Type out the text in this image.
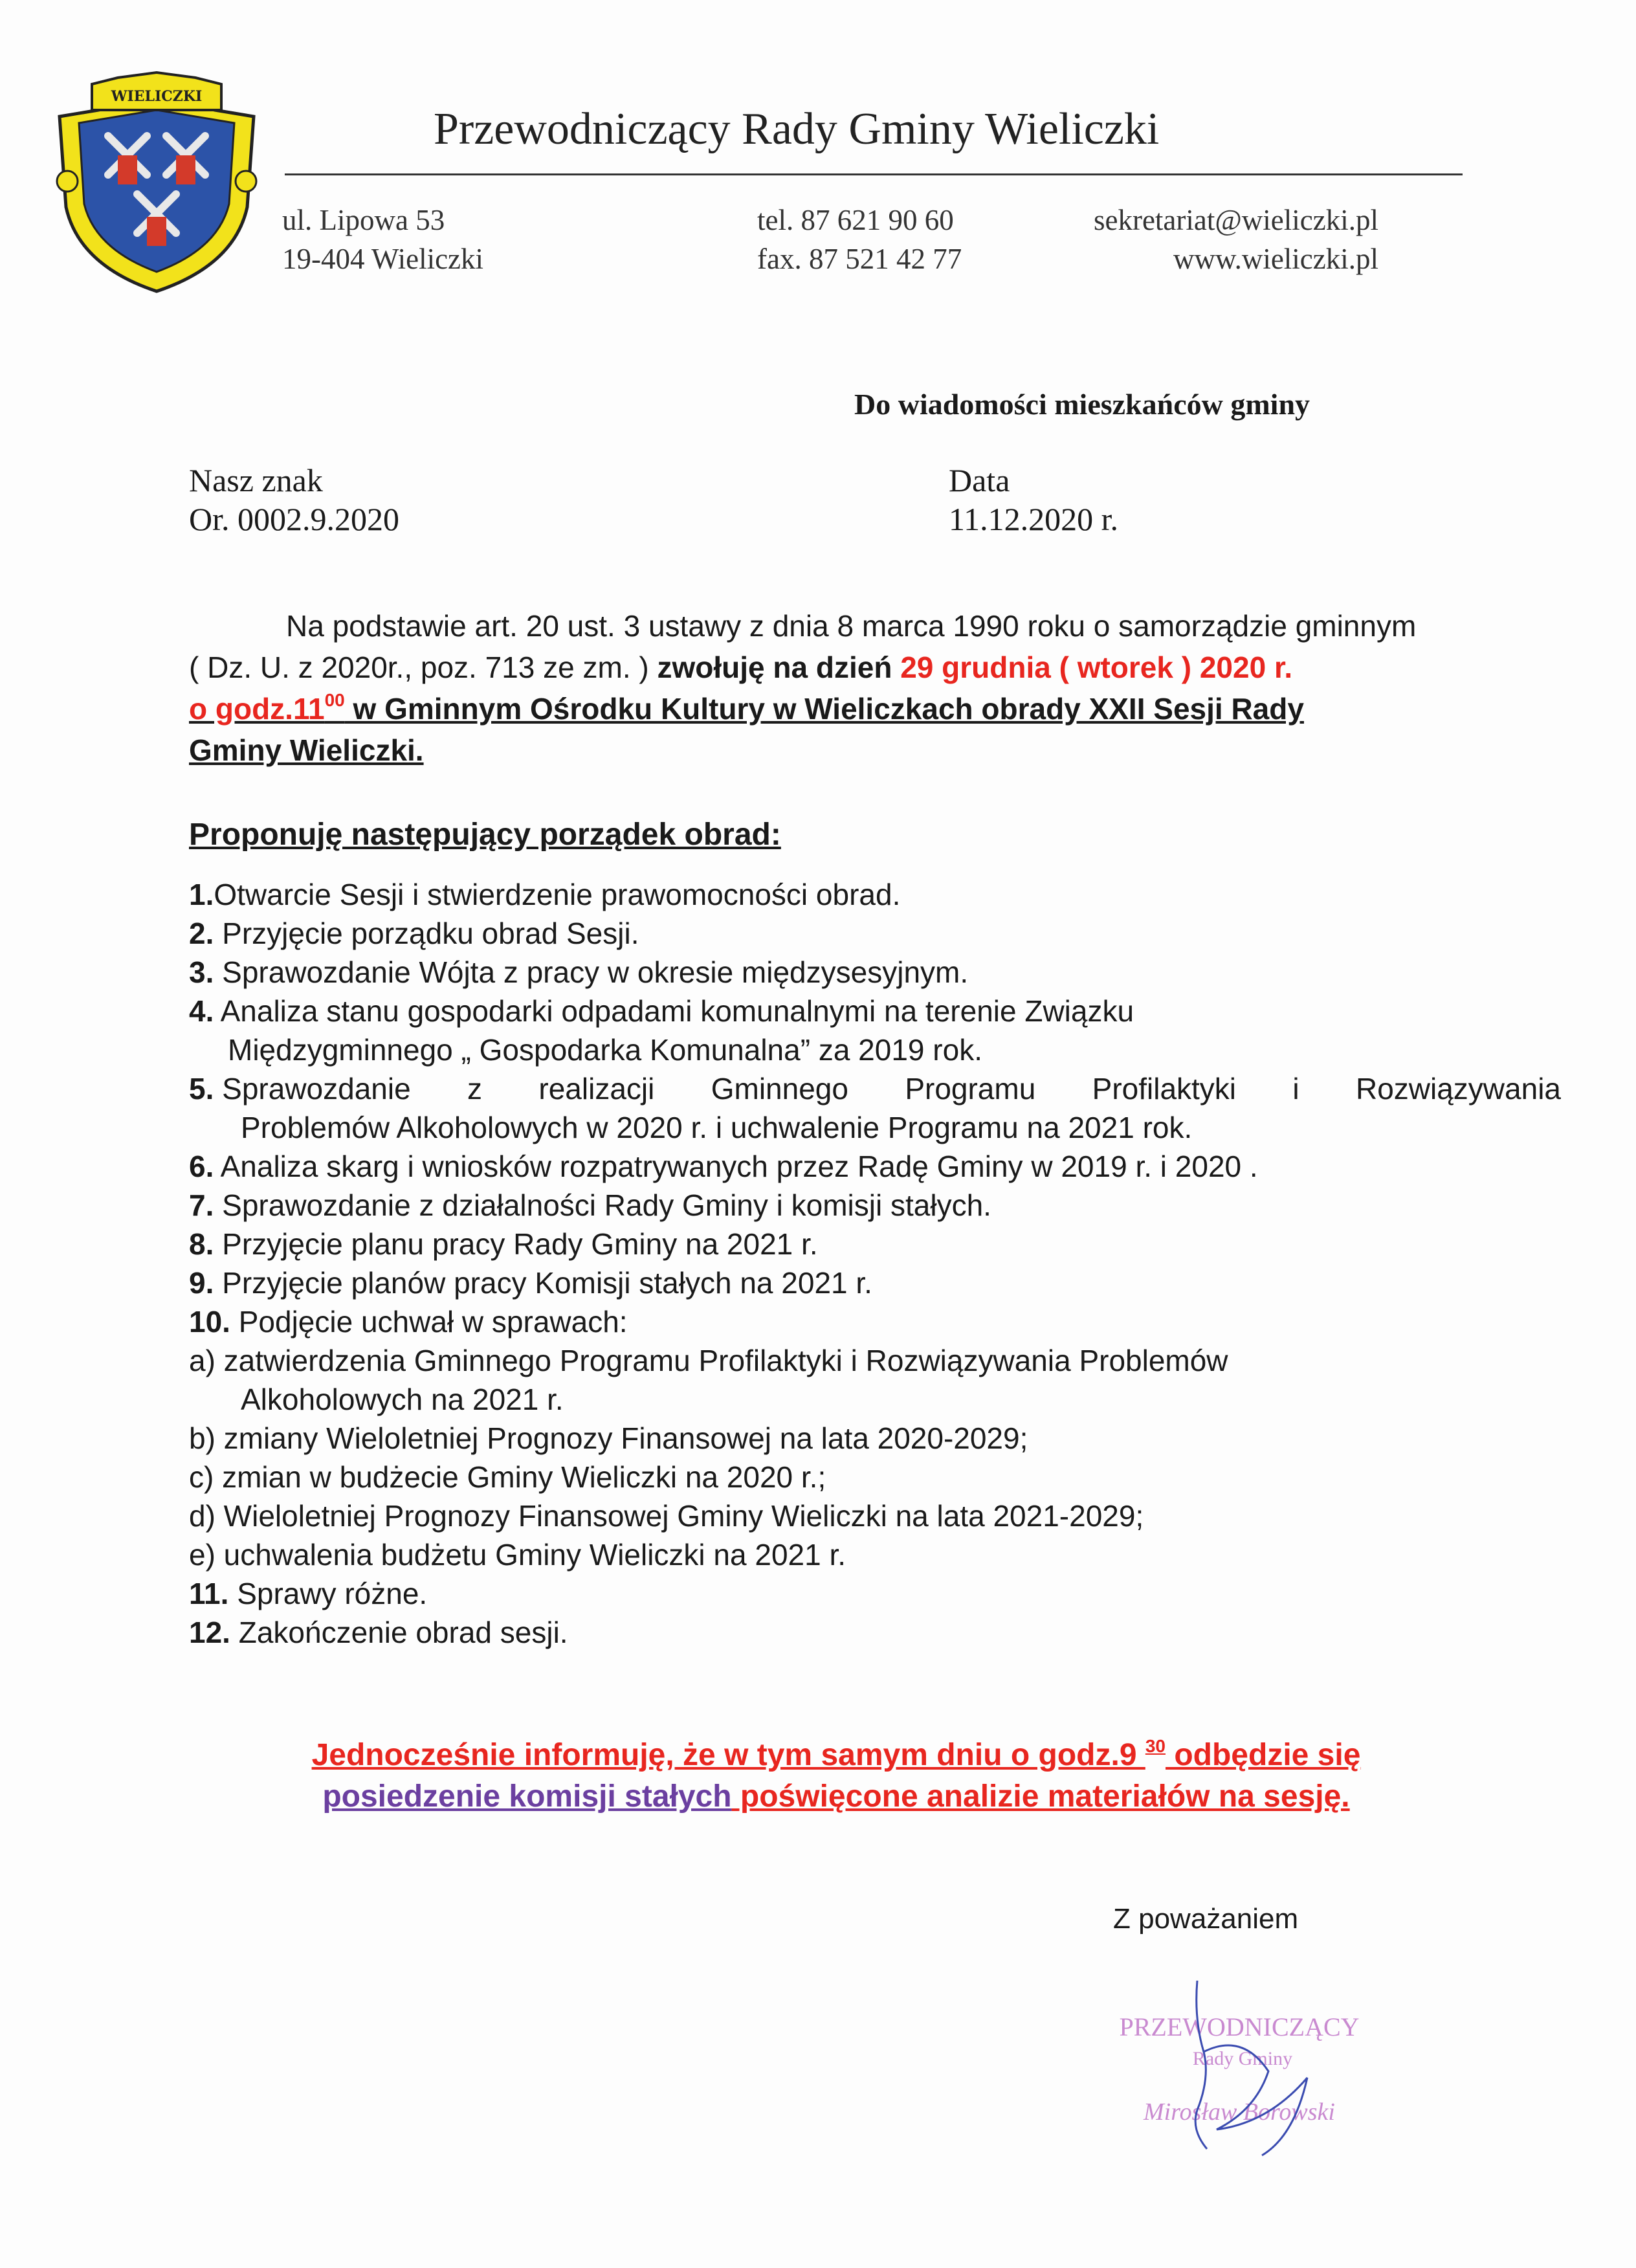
WIELICZKI
Przewodniczący Rady Gminy Wieliczki
ul. Lipowa 53
19-404 Wieliczki
tel. 87 621 90 60
fax. 87 521 42 77
sekretariat@wieliczki.pl
www.wieliczki.pl
Do wiadomości mieszkańców gminy
Nasz znak
Or. 0002.9.2020
Data
11.12.2020 r.

Na podstawie art. 20 ust. 3 ustawy z dnia 8 marca 1990 roku o samorządzie gminnym

( Dz. U. z 2020r., poz. 713 ze zm. ) zwołuję na dzień 29 grudnia ( wtorek ) 2020 r.

o $godz.11^{00}$ w Gminnym Ośrodku Kultury w Wieliczkach obrady XXII Sesji Rady

Gminy Wieliczki.

Proponuję następujący porządek obrad:
1.Otwarcie Sesji i stwierdzenie prawomocności obrad.
2. Przyjęcie porządku obrad Sesji.
3. Sprawozdanie Wójta z pracy w okresie międzysesyjnym.
4. Analiza stanu gospodarki odpadami komunalnymi na terenie Związku
Międzygminnego „ Gospodarka Komunalna” za 2019 rok.
5. Sprawozdanie z realizacji Gminnego Programu Profilaktyki i Rozwiązywania
Problemów Alkoholowych w 2020 r. i uchwalenie Programu na 2021 rok.
6. Analiza skarg i wniosków rozpatrywanych przez Radę Gminy w 2019 r. i 2020 .
7. Sprawozdanie z działalności Rady Gminy i komisji stałych.
8. Przyjęcie planu pracy Rady Gminy na 2021 r.
9. Przyjęcie planów pracy Komisji stałych na 2021 r.
10. Podjęcie uchwał w sprawach:
a) zatwierdzenia Gminnego Programu Profilaktyki i Rozwiązywania Problemów
Alkoholowych na 2021 r.
b) zmiany Wieloletniej Prognozy Finansowej na lata 2020-2029;
c) zmian w budżecie Gminy Wieliczki na 2020 r.;
d) Wieloletniej Prognozy Finansowej Gminy Wieliczki na lata 2021-2029;
e) uchwalenia budżetu Gminy Wieliczki na 2021 r.
11. Sprawy różne.
12. Zakończenie obrad sesji.
Jednocześnie informuję, że w tym samym dniu o godz.9 $^{30}$ odbędzie się
posiedzenie komisji stałych poświęcone analizie materiałów na sesję.
Z poważaniem
PRZEWODNICZĄCY
Rady Gminy
Mirosław Borowski
